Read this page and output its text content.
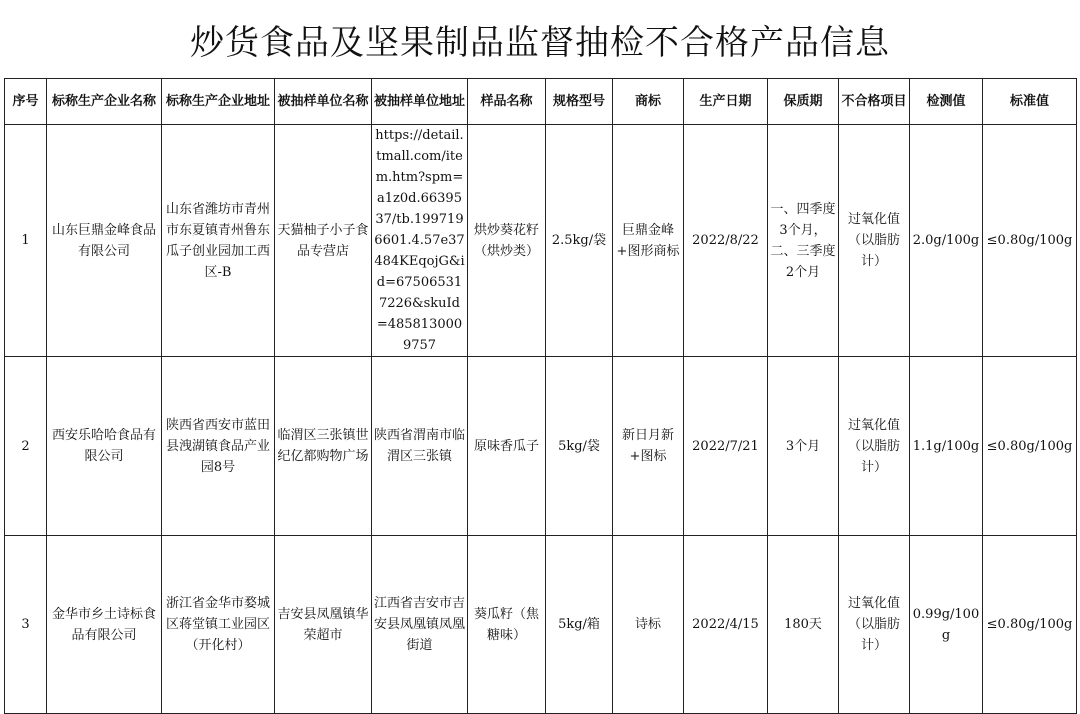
炒货食品及坚果制品监督抽检不合格产品信息
序号	标称生产企业名称	标称生产企业地址	被抽样单位名称	被抽样单位地址	样品名称	规格型号	商标	生产日期	保质期	不合格项目	检测值	标准值
1	山东巨鼎金峰食品有限公司	山东省潍坊市青州市东夏镇青州鲁东瓜子创业园加工西区-B	天猫柚子小子食品专营店	https://detail.tmall.com/item.htm?spm=a1z0d.6639537/tb.1997196601.4.57e37484KEqojG&id=675065317226&skuId=4858130009757	烘炒葵花籽（烘炒类）	2.5kg/袋	巨鼎金峰+图形商标	2022/8/22	一、四季度3个月，二、三季度2个月	过氧化值（以脂肪计）	2.0g/100g	≤0.80g/100g
2	西安乐哈哈食品有限公司	陕西省西安市蓝田县洩湖镇食品产业园8号	临渭区三张镇世纪亿都购物广场	陕西省渭南市临渭区三张镇	原味香瓜子	5kg/袋	新日月新+图标	2022/7/21	3个月	过氧化值（以脂肪计）	1.1g/100g	≤0.80g/100g
3	金华市乡土诗标食品有限公司	浙江省金华市婺城区蒋堂镇工业园区（开化村）	吉安县凤凰镇华荣超市	江西省吉安市吉安县凤凰镇凤凰街道	葵瓜籽（焦糖味）	5kg/箱	诗标	2022/4/15	180天	过氧化值（以脂肪计）	0.99g/100g	≤0.80g/100g
